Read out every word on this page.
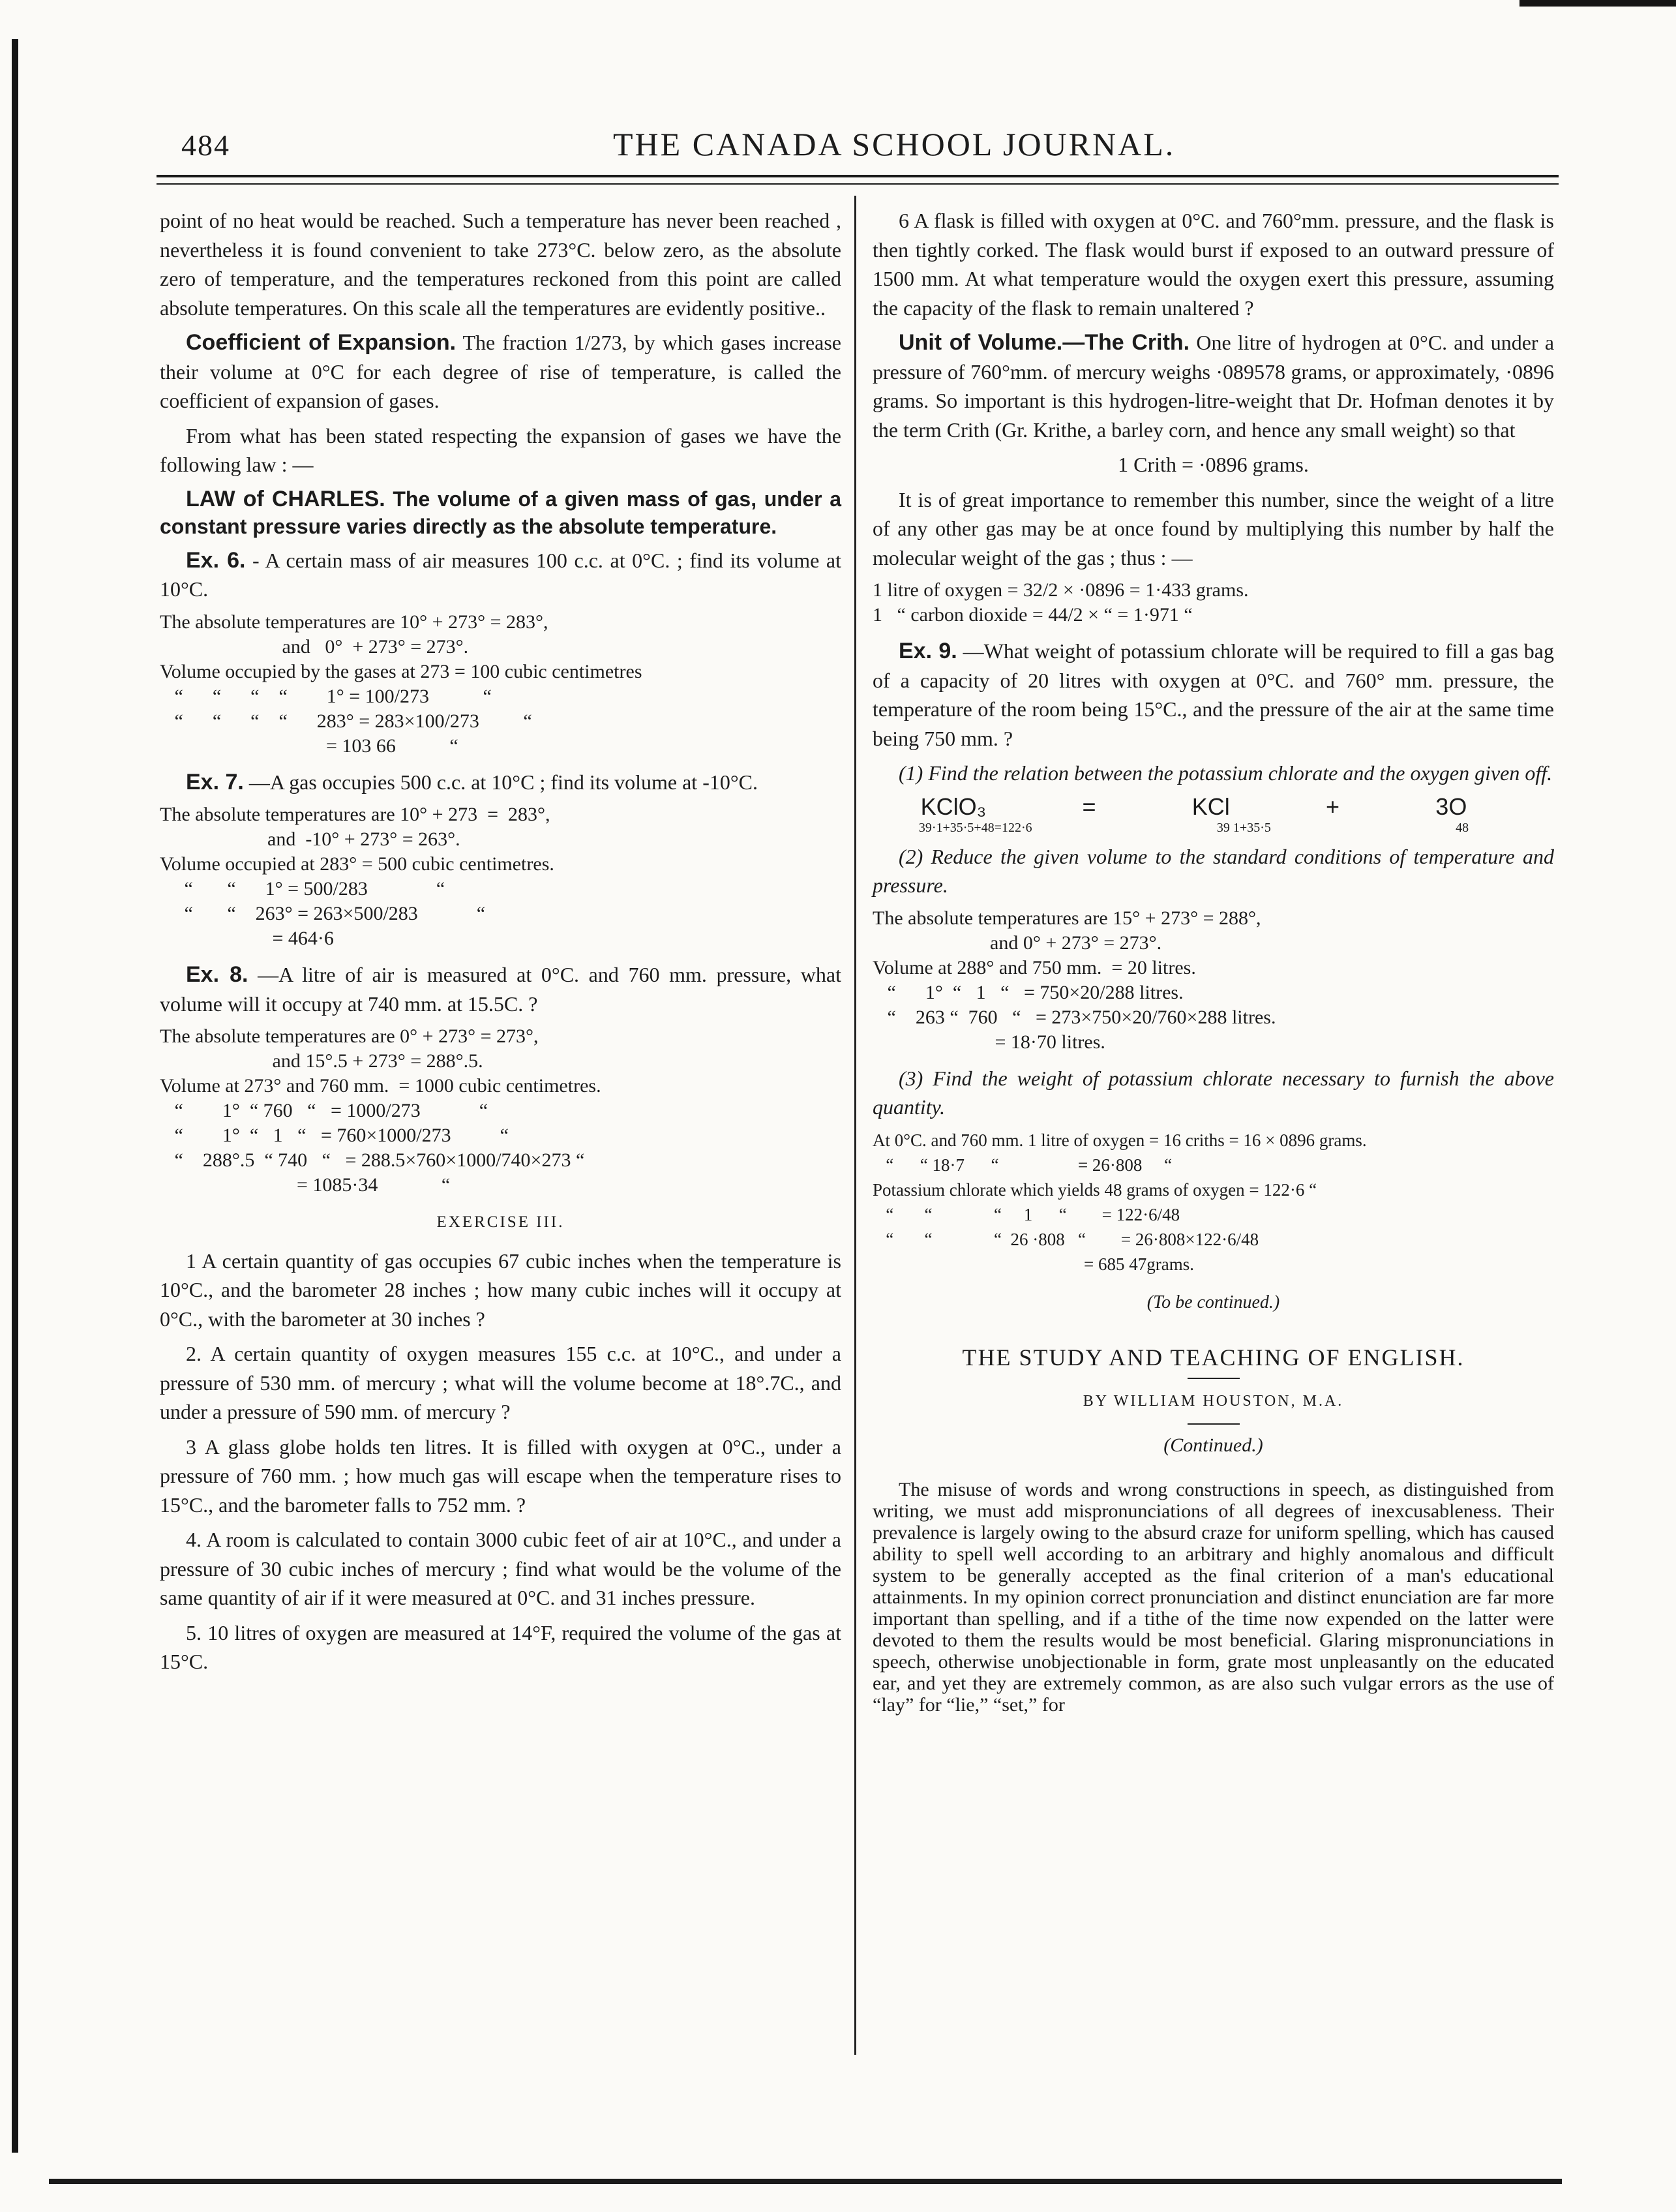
484	THE CANADA SCHOOL JOURNAL.

point of no heat would be reached. Such a temperature has never been reached , nevertheless it is found convenient to take 273°C. below zero, as the absolute zero of temperature, and the temperatures reckoned from this point are called absolute temperatures. On this scale all the temperatures are evidently positive..

Coefficient of Expansion. The fraction 1/273, by which gases increase their volume at 0°C for each degree of rise of temperature, is called the coefficient of expansion of gases.

From what has been stated respecting the expansion of gases we have the following law : —

LAW of CHARLES. The volume of a given mass of gas, under a constant pressure varies directly as the absolute temperature.

Ex. 6. - A certain mass of air measures 100 c.c. at 0°C. ; find its volume at 10°C.

The absolute temperatures are 10° + 273° = 283°,
and   0°  + 273° = 273°.
Volume occupied by the gases at 273 = 100 cubic centimetres
“      “      “    “        1° = 100/273           “
“      “      “    “      283° = 283×100/273         “
= 103 66           “

Ex. 7. —A gas occupies 500 c.c. at 10°C ; find its volume at -10°C.

The absolute temperatures are 10° + 273  =  283°,
and  -10° + 273° = 263°.
Volume occupied at 283° = 500 cubic centimetres.
“       “      1° = 500/283              “
“       “    263° = 263×500/283            “
= 464·6

Ex. 8. —A litre of air is measured at 0°C. and 760 mm. pressure, what volume will it occupy at 740 mm. at 15.5C. ?

The absolute temperatures are 0° + 273° = 273°,
and 15°.5 + 273° = 288°.5.
Volume at 273° and 760 mm.  = 1000 cubic centimetres.
“        1°  “ 760   “   = 1000/273            “
“        1°  “   1   “   = 760×1000/273          “
“    288°.5  “ 740   “   = 288.5×760×1000/740×273 “
= 1085·34             “
EXERCISE III.

1 A certain quantity of gas occupies 67 cubic inches when the temperature is 10°C., and the barometer 28 inches ; how many cubic inches will it occupy at 0°C., with the barometer at 30 inches ?

2. A certain quantity of oxygen measures 155 c.c. at 10°C., and under a pressure of 530 mm. of mercury ; what will the volume become at 18°.7C., and under a pressure of 590 mm. of mercury ?

3 A glass globe holds ten litres. It is filled with oxygen at 0°C., under a pressure of 760 mm. ; how much gas will escape when the temperature rises to 15°C., and the barometer falls to 752 mm. ?

4. A room is calculated to contain 3000 cubic feet of air at 10°C., and under a pressure of 30 cubic inches of mercury ; find what would be the volume of the same quantity of air if it were measured at 0°C. and 31 inches pressure.

5. 10 litres of oxygen are measured at 14°F, required the volume of the gas at 15°C.

6 A flask is filled with oxygen at 0°C. and 760°mm. pressure, and the flask is then tightly corked. The flask would burst if exposed to an outward pressure of 1500 mm. At what temperature would the oxygen exert this pressure, assuming the capacity of the flask to remain unaltered ?

Unit of Volume.—The Crith. One litre of hydrogen at 0°C. and under a pressure of 760°mm. of mercury weighs ·089578 grams, or approximately, ·0896 grams. So important is this hydrogen-litre-weight that Dr. Hofman denotes it by the term Crith (Gr. Krithe, a barley corn, and hence any small weight) so that

1 Crith = ·0896 grams.

It is of great importance to remember this number, since the weight of a litre of any other gas may be at once found by multiplying this number by half the molecular weight of the gas ; thus : —

1 litre of oxygen = 32/2 × ·0896 = 1·433 grams.
1   “ carbon dioxide = 44/2 × “ = 1·971 “

Ex. 9. —What weight of potassium chlorate will be required to fill a gas bag of a capacity of 20 litres with oxygen at 0°C. and 760° mm. pressure, the temperature of the room being 15°C., and the pressure of the air at the same time being 750 mm. ?

(1) Find the relation between the potassium chlorate and the oxygen given off.

KClO₃	=	KCl	+	3O
39·1+35·5+48=122·6	39 1+35·5	48

(2) Reduce the given volume to the standard conditions of temperature and pressure.

The absolute temperatures are 15° + 273° = 288°,
and 0° + 273° = 273°.
Volume at 288° and 750 mm.  = 20 litres.
“      1°  “   1   “   = 750×20/288 litres.
“    263 “  760   “   = 273×750×20/760×288 litres.
= 18·70 litres.

(3) Find the weight of potassium chlorate necessary to furnish the above quantity.

At 0°C. and 760 mm. 1 litre of oxygen = 16 criths = 16 × 0896 grams.
“      “ 18·7      “                  = 26·808     “
Potassium chlorate which yields 48 grams of oxygen = 122·6 “
“       “              “     1      “        = 122·6/48
“       “              “  26 ·808   “        = 26·808×122·6/48
= 685 47grams.
(To be continued.)
THE STUDY AND TEACHING OF ENGLISH.
BY WILLIAM HOUSTON, M.A.
(Continued.)

The misuse of words and wrong constructions in speech, as distinguished from writing, we must add mispronunciations of all degrees of inexcusableness. Their prevalence is largely owing to the absurd craze for uniform spelling, which has caused ability to spell well according to an arbitrary and highly anomalous and difficult system to be generally accepted as the final criterion of a man's educational attainments. In my opinion correct pronunciation and distinct enunciation are far more important than spelling, and if a tithe of the time now expended on the latter were devoted to them the results would be most beneficial. Glaring mispronunciations in speech, otherwise unobjectionable in form, grate most unpleasantly on the educated ear, and yet they are extremely common, as are also such vulgar errors as the use of “lay” for “lie,” “set,” for
